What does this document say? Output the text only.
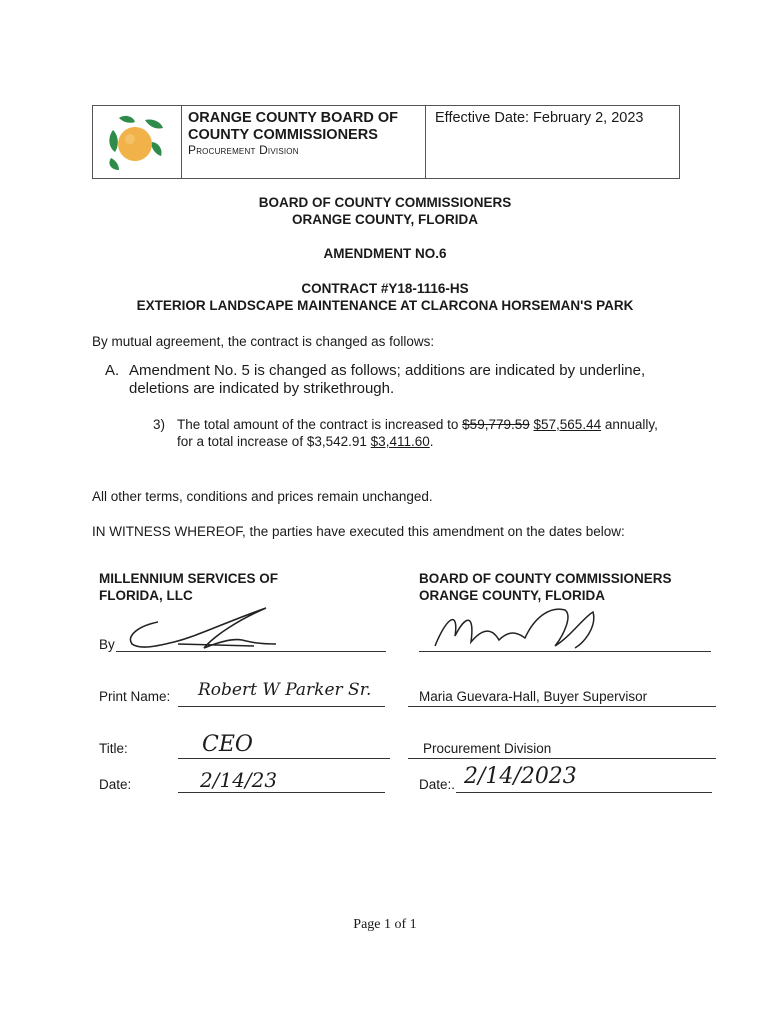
ORANGE COUNTY BOARD OF
COUNTY COMMISSIONERS
Procurement Division
Effective Date: February 2, 2023
BOARD OF COUNTY COMMISSIONERS
ORANGE COUNTY, FLORIDA
AMENDMENT NO.6
CONTRACT #Y18-1116-HS
EXTERIOR LANDSCAPE MAINTENANCE AT CLARCONA HORSEMAN'S PARK
By mutual agreement, the contract is changed as follows:
A. Amendment No. 5 is changed as follows; additions are indicated by underline,
deletions are indicated by strikethrough.
3) The total amount of the contract is increased to $59,779.59 $57,565.44 annually,
for a total increase of $3,542.91 $3,411.60.
All other terms, conditions and prices remain unchanged.
IN WITNESS WHEREOF, the parties have executed this amendment on the dates below:
MILLENNIUM SERVICES OF
FLORIDA, LLC
BOARD OF COUNTY COMMISSIONERS
ORANGE COUNTY, FLORIDA
By
Print Name: Robert W Parker Sr.	Maria Guevara-Hall, Buyer Supervisor
Title:	CEO	Procurement Division
Date:	2/14/23	Date:. 2/14/2023
Page 1 of 1
